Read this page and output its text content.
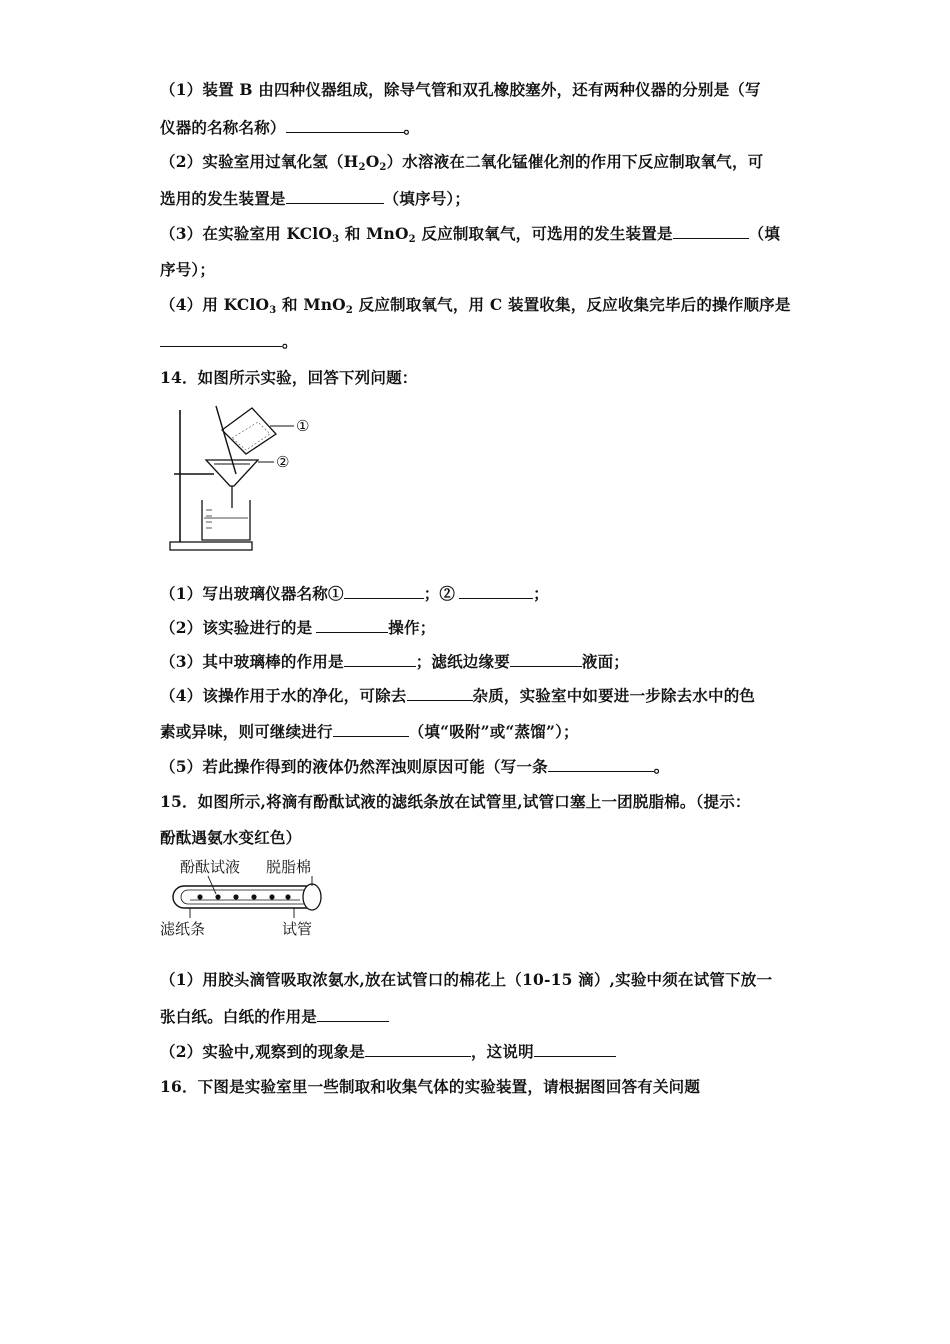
（1）装置 B 由四种仪器组成，除导气管和双孔橡胶塞外，还有两种仪器的分别是（写
仪器的名称名称）	。
（2）实验室用过氧化氢$(H_2O_2)$水溶液在二氧化锰催化剂的作用下反应制取氧气，可
选用的发生装置是	（填序号）；
（3）在实验室用 KClO$_3$ 和 MnO$_2$ 反应制取氧气，可选用的发生装置是	（填
序号）；
（4）用 KClO$_3$ 和 MnO$_2$ 反应制取氧气，用 C 装置收集，反应收集完毕后的操作顺序是
。
14．如图所示实验，回答下列问题：
①
②
（1）写出玻璃仪器名称①	；②	；
（2）该实验进行的是	操作；
（3）其中玻璃棒的作用是	；滤纸边缘要	液面；
（4）该操作用于水的净化，可除去	杂质，实验室中如要进一步除去水中的色
素或异味，则可继续进行	（填“吸附”或“蒸馏”）；
（5）若此操作得到的液体仍然浑浊则原因可能（写一条	。
15．如图所示,将滴有酚酞试液的滤纸条放在试管里,试管口塞上一团脱脂棉。（提示：
酚酞遇氨水变红色）
酚酞试液 脱脂棉
滤纸条	试管
（1）用胶头滴管吸取浓氨水,放在试管口的棉花上（10-15 滴）,实验中须在试管下放一
张白纸。白纸的作用是
（2）实验中,观察到的现象是	，这说明
16．下图是实验室里一些制取和收集气体的实验装置，请根据图回答有关问题
